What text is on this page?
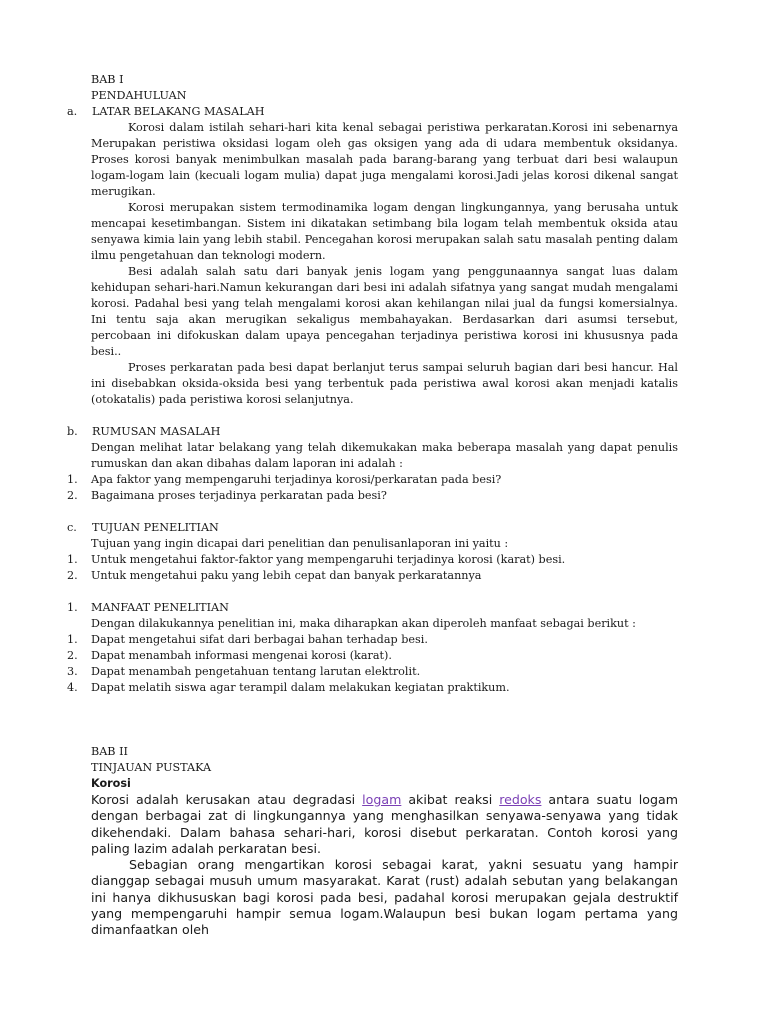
BAB I
PENDAHULUAN
a.	LATAR BELAKANG MASALAH
Korosi dalam istilah sehari-hari kita kenal sebagai peristiwa perkaratan.Korosi ini sebenarnya Merupakan peristiwa oksidasi logam oleh gas oksigen yang ada di udara membentuk oksidanya. Proses korosi banyak menimbulkan masalah pada barang-barang yang terbuat dari besi walaupun logam-logam lain (kecuali logam mulia) dapat juga mengalami korosi.Jadi jelas korosi dikenal sangat merugikan.
Korosi merupakan sistem termodinamika logam dengan lingkungannya, yang berusaha untuk mencapai kesetimbangan. Sistem ini dikatakan setimbang bila logam telah membentuk oksida atau senyawa kimia lain yang lebih stabil. Pencegahan korosi merupakan salah satu masalah penting dalam ilmu pengetahuan dan teknologi modern.
Besi adalah salah satu dari banyak jenis logam yang penggunaannya sangat luas dalam kehidupan sehari-hari.Namun kekurangan dari besi ini adalah sifatnya yang sangat mudah mengalami korosi. Padahal besi yang telah mengalami korosi akan kehilangan nilai jual da fungsi komersialnya. Ini tentu saja akan merugikan sekaligus membahayakan. Berdasarkan dari asumsi tersebut, percobaan ini difokuskan dalam upaya pencegahan terjadinya peristiwa korosi ini khususnya pada besi..
Proses perkaratan pada besi dapat berlanjut terus sampai seluruh bagian dari besi hancur. Hal ini disebabkan oksida-oksida besi yang terbentuk pada peristiwa awal korosi akan menjadi katalis (otokatalis) pada peristiwa korosi selanjutnya.
b.	RUMUSAN MASALAH
Dengan melihat latar belakang yang telah dikemukakan maka beberapa masalah yang dapat penulis rumuskan dan akan dibahas dalam laporan ini adalah :
1.	Apa faktor yang mempengaruhi terjadinya korosi/perkaratan pada besi?
2.	Bagaimana proses terjadinya perkaratan pada besi?
c.	TUJUAN PENELITIAN
Tujuan yang ingin dicapai dari penelitian dan penulisanlaporan ini yaitu :
1.	Untuk mengetahui faktor-faktor yang mempengaruhi terjadinya korosi (karat) besi.
2.	Untuk mengetahui paku yang lebih cepat dan banyak perkaratannya
1.	MANFAAT PENELITIAN
Dengan dilakukannya penelitian ini, maka diharapkan akan diperoleh manfaat sebagai berikut :
1.	Dapat mengetahui sifat dari berbagai bahan terhadap besi.
2.	Dapat menambah informasi mengenai korosi (karat).
3.	Dapat menambah pengetahuan tentang larutan elektrolit.
4.	Dapat melatih siswa agar terampil dalam melakukan kegiatan praktikum.
BAB II
TINJAUAN PUSTAKA
Korosi
Korosi adalah kerusakan atau degradasi logam akibat reaksi redoks antara suatu logam dengan berbagai zat di lingkungannya yang menghasilkan senyawa-senyawa yang tidak dikehendaki. Dalam bahasa sehari-hari, korosi disebut perkaratan. Contoh korosi yang paling lazim adalah perkaratan besi.
Sebagian orang mengartikan korosi sebagai karat, yakni sesuatu yang hampir dianggap sebagai musuh umum masyarakat. Karat (rust) adalah sebutan yang belakangan ini hanya dikhususkan bagi korosi pada besi, padahal korosi merupakan gejala destruktif yang mempengaruhi hampir semua logam.Walaupun besi bukan logam pertama yang dimanfaatkan oleh
